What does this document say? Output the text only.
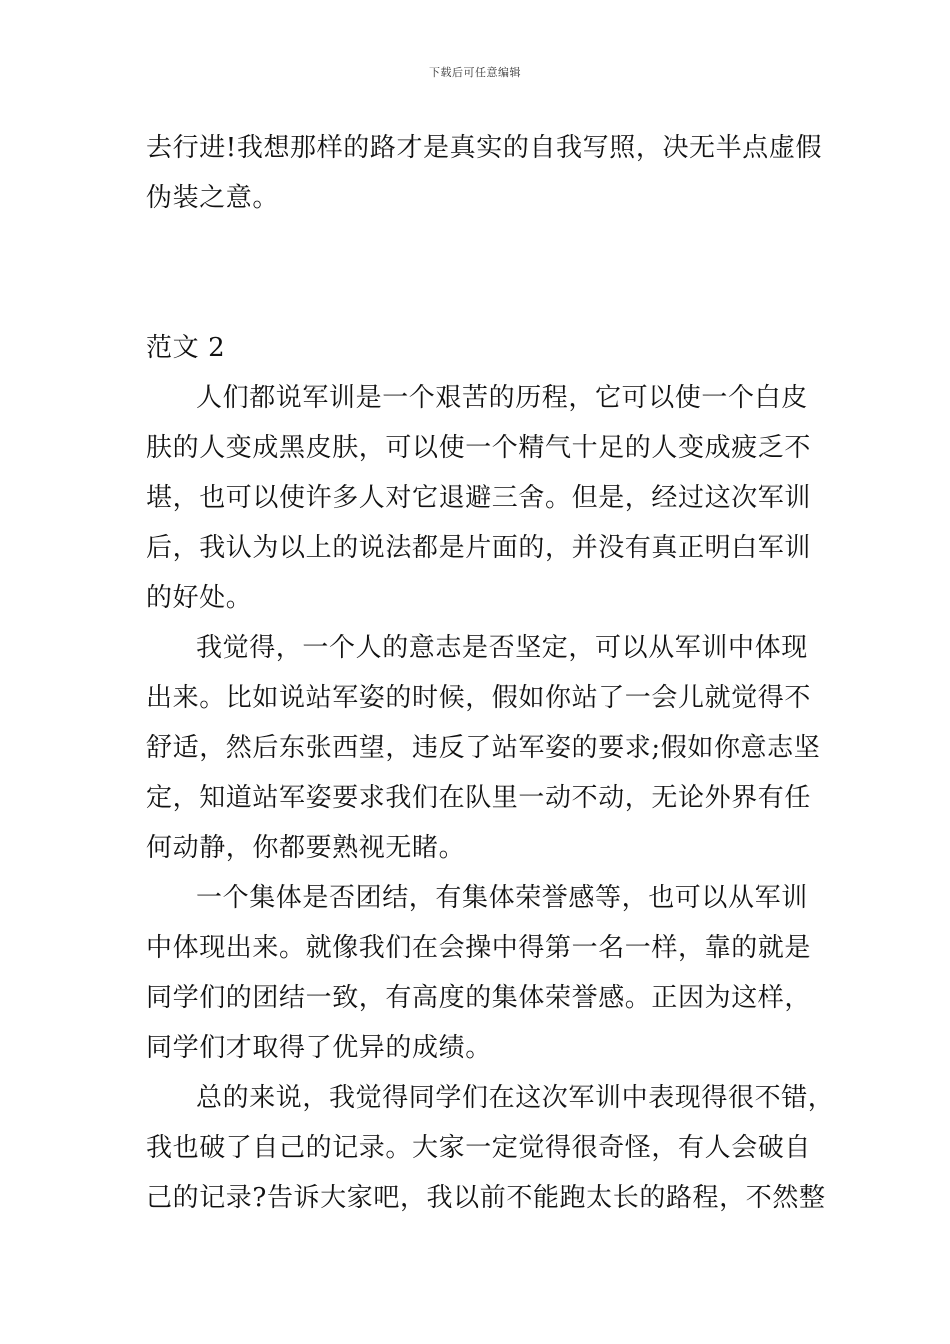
下载后可任意编辑
去行进!我想那样的路才是真实的自我写照，决无半点虚假
伪装之意。
范文 2
人们都说军训是一个艰苦的历程，它可以使一个白皮
肤的人变成黑皮肤，可以使一个精气十足的人变成疲乏不
堪，也可以使许多人对它退避三舍。但是，经过这次军训
后，我认为以上的说法都是片面的，并没有真正明白军训
的好处。
我觉得，一个人的意志是否坚定，可以从军训中体现
出来。比如说站军姿的时候，假如你站了一会儿就觉得不
舒适，然后东张西望，违反了站军姿的要求;假如你意志坚
定，知道站军姿要求我们在队里一动不动，无论外界有任
何动静，你都要熟视无睹。
一个集体是否团结，有集体荣誉感等，也可以从军训
中体现出来。就像我们在会操中得第一名一样，靠的就是
同学们的团结一致，有高度的集体荣誉感。正因为这样，
同学们才取得了优异的成绩。
总的来说，我觉得同学们在这次军训中表现得很不错，
我也破了自己的记录。大家一定觉得很奇怪，有人会破自
己的记录?告诉大家吧，我以前不能跑太长的路程，不然整
